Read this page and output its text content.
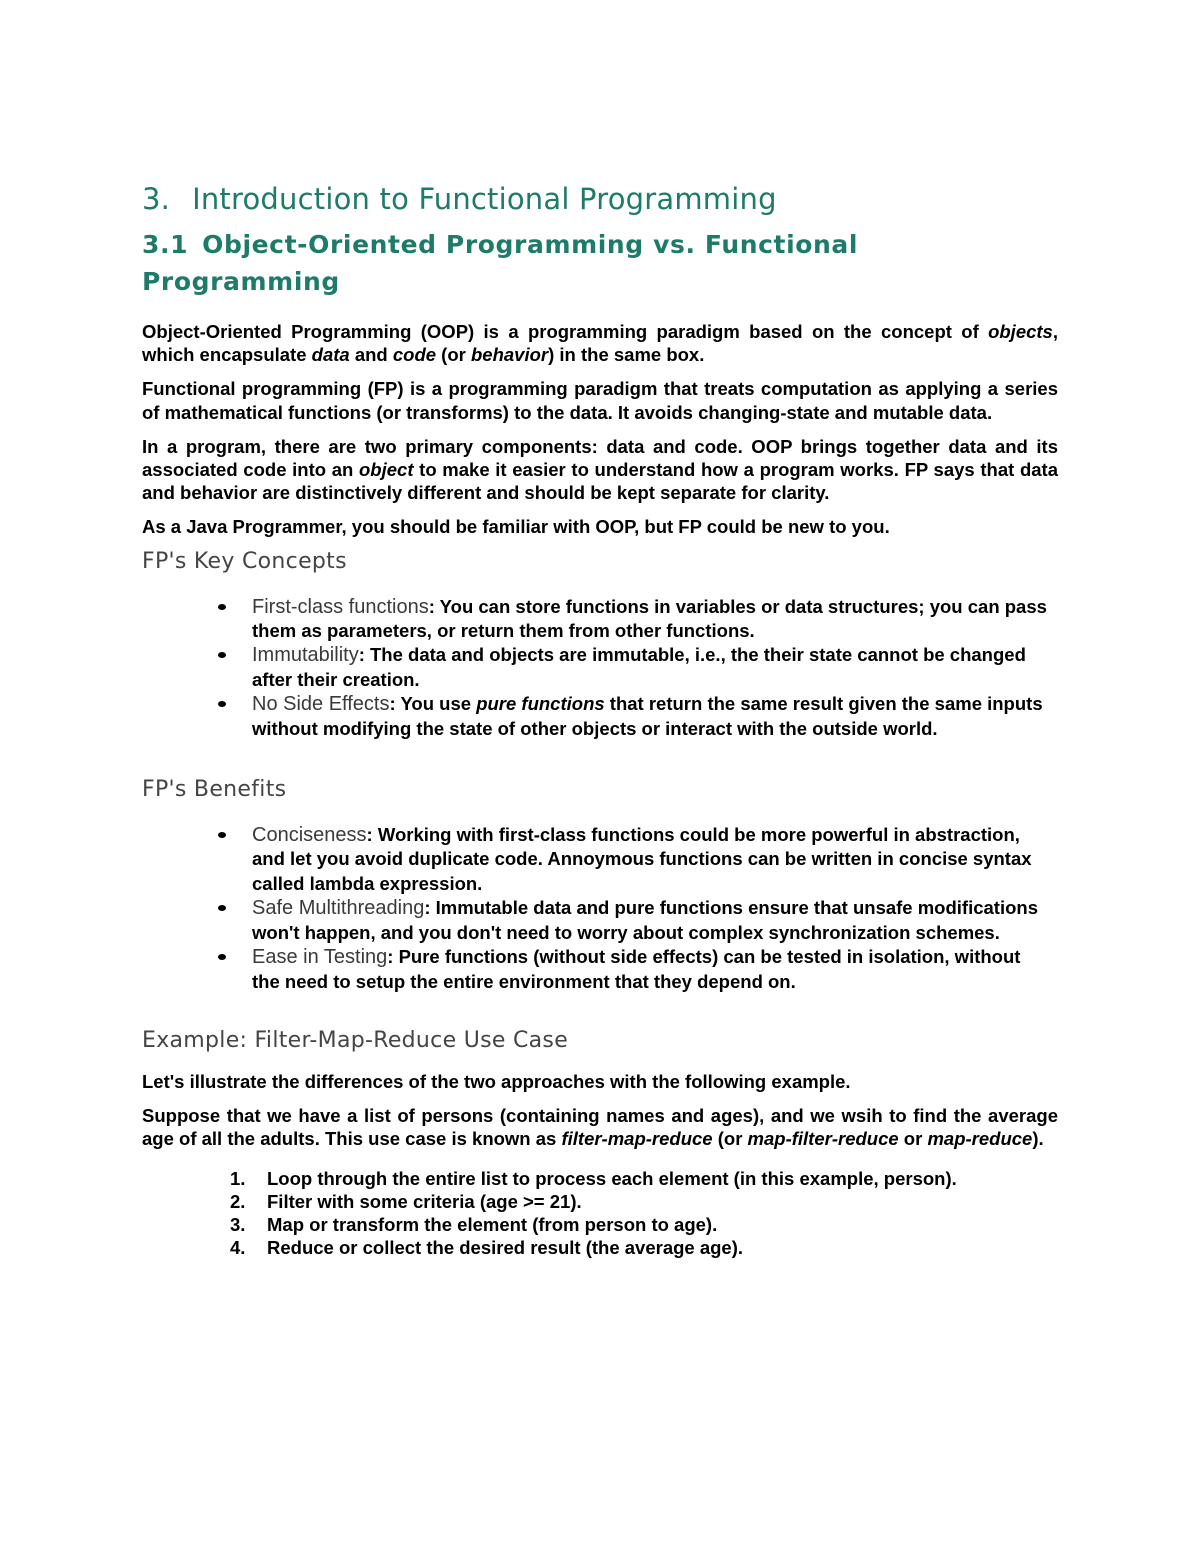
3. Introduction to Functional Programming
3.1 Object-Oriented Programming vs. Functional Programming

Object-Oriented Programming (OOP) is a programming paradigm based on the concept of objects, which encapsulate data and code (or behavior) in the same box.

Functional programming (FP) is a programming paradigm that treats computation as applying a series of mathematical functions (or transforms) to the data. It avoids changing-state and mutable data.

In a program, there are two primary components: data and code. OOP brings together data and its associated code into an object to make it easier to understand how a program works. FP says that data and behavior are distinctively different and should be kept separate for clarity.

As a Java Programmer, you should be familiar with OOP, but FP could be new to you.

FP's Key Concepts
First-class functions: You can store functions in variables or data structures; you can pass them as parameters, or return them from other functions.
Immutability: The data and objects are immutable, i.e., the their state cannot be changed after their creation.
No Side Effects: You use pure functions that return the same result given the same inputs without modifying the state of other objects or interact with the outside world.
FP's Benefits
Conciseness: Working with first-class functions could be more powerful in abstraction, and let you avoid duplicate code. Annoymous functions can be written in concise syntax called lambda expression.
Safe Multithreading: Immutable data and pure functions ensure that unsafe modifications won't happen, and you don't need to worry about complex synchronization schemes.
Ease in Testing: Pure functions (without side effects) can be tested in isolation, without the need to setup the entire environment that they depend on.
Example: Filter-Map-Reduce Use Case

Let's illustrate the differences of the two approaches with the following example.

Suppose that we have a list of persons (containing names and ages), and we wsih to find the average age of all the adults. This use case is known as filter-map-reduce (or map-filter-reduce or map-reduce).

1. Loop through the entire list to process each element (in this example, person).
2. Filter with some criteria (age >= 21).
3. Map or transform the element (from person to age).
4. Reduce or collect the desired result (the average age).
